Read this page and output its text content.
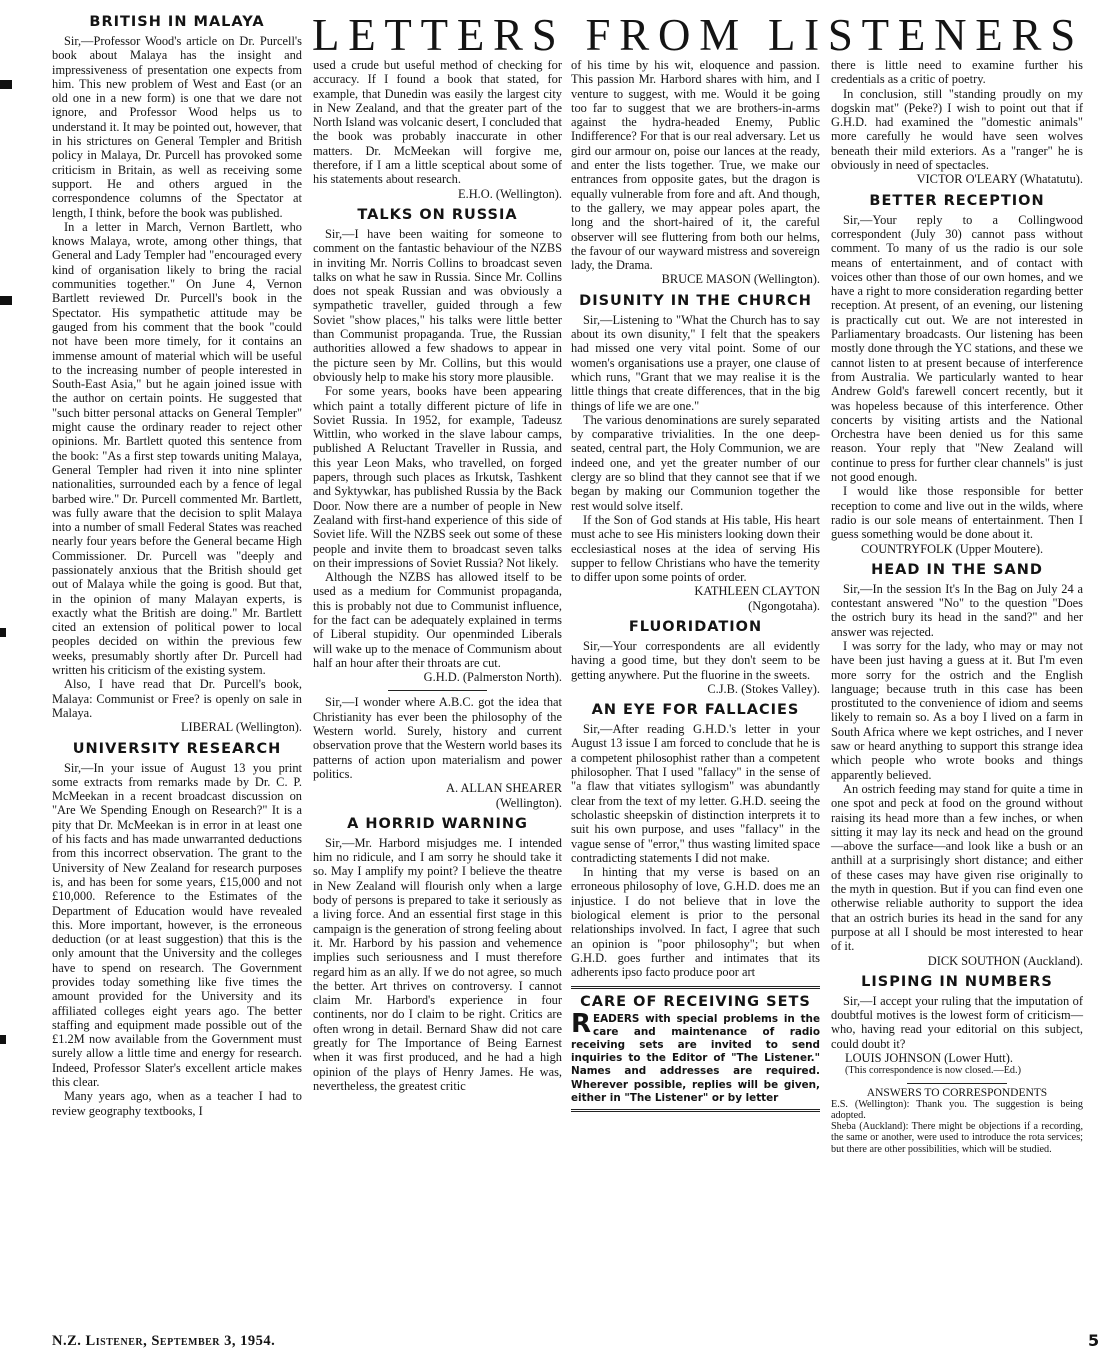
LETTERS FROM LISTENERS
BRITISH IN MALAYA

Sir,—Professor Wood's article on Dr. Purcell's book about Malaya has the insight and impressiveness of presentation one expects from him. This new problem of West and East (or an old one in a new form) is one that we dare not ignore, and Professor Wood helps us to understand it. It may be pointed out, however, that in his strictures on General Templer and British policy in Malaya, Dr. Purcell has provoked some criticism in Britain, as well as receiving some support. He and others argued in the correspondence columns of the Spectator at length, I think, before the book was published.

In a letter in March, Vernon Bartlett, who knows Malaya, wrote, among other things, that General and Lady Templer had "encouraged every kind of organisation likely to bring the racial communities together." On June 4, Vernon Bartlett reviewed Dr. Purcell's book in the Spectator. His sympathetic attitude may be gauged from his comment that the book "could not have been more timely, for it contains an immense amount of material which will be useful to the increasing number of people interested in South-East Asia," but he again joined issue with the author on certain points. He suggested that "such bitter personal attacks on General Templer" might cause the ordinary reader to reject other opinions. Mr. Bartlett quoted this sentence from the book: "As a first step towards uniting Malaya, General Templer had riven it into nine splinter nationalities, surrounded each by a fence of legal barbed wire." Dr. Purcell commented Mr. Bartlett, was fully aware that the decision to split Malaya into a number of small Federal States was reached nearly four years before the General became High Commissioner. Dr. Purcell was "deeply and passionately anxious that the British should get out of Malaya while the going is good. But that, in the opinion of many Malayan experts, is exactly what the British are doing." Mr. Bartlett cited an extension of political power to local peoples decided on within the previous few weeks, presumably shortly after Dr. Purcell had written his criticism of the existing system.

Also, I have read that Dr. Purcell's book, Malaya: Communist or Free? is openly on sale in Malaya.

LIBERAL (Wellington).

UNIVERSITY RESEARCH

Sir,—In your issue of August 13 you print some extracts from remarks made by Dr. C. P. McMeekan in a recent broadcast discussion on "Are We Spending Enough on Research?" It is a pity that Dr. McMeekan is in error in at least one of his facts and has made unwarranted deductions from this incorrect observation. The grant to the University of New Zealand for research purposes is, and has been for some years, £15,000 and not £10,000. Reference to the Estimates of the Department of Education would have revealed this. More important, however, is the erroneous deduction (or at least suggestion) that this is the only amount that the University and the colleges have to spend on research. The Government provides today something like five times the amount provided for the University and its affiliated colleges eight years ago. The better staffing and equipment made possible out of the £1.2M now available from the Government must surely allow a little time and energy for research. Indeed, Professor Slater's excellent article makes this clear.

Many years ago, when as a teacher I had to review geography textbooks, I

used a crude but useful method of checking for accuracy. If I found a book that stated, for example, that Dunedin was easily the largest city in New Zealand, and that the greater part of the North Island was volcanic desert, I concluded that the book was probably inaccurate in other matters. Dr. McMeekan will forgive me, therefore, if I am a little sceptical about some of his statements about research.

E.H.O. (Wellington).

TALKS ON RUSSIA

Sir,—I have been waiting for someone to comment on the fantastic behaviour of the NZBS in inviting Mr. Norris Collins to broadcast seven talks on what he saw in Russia. Since Mr. Collins does not speak Russian and was obviously a sympathetic traveller, guided through a few Soviet "show places," his talks were little better than Communist propaganda. True, the Russian authorities allowed a few shadows to appear in the picture seen by Mr. Collins, but this would obviously help to make his story more plausible.

For some years, books have been appearing which paint a totally different picture of life in Soviet Russia. In 1952, for example, Tadeusz Wittlin, who worked in the slave labour camps, published A Reluctant Traveller in Russia, and this year Leon Maks, who travelled, on forged papers, through such places as Irkutsk, Tashkent and Syktywkar, has published Russia by the Back Door. Now there are a number of people in New Zealand with first-hand experience of this side of Soviet life. Will the NZBS seek out some of these people and invite them to broadcast seven talks on their impressions of Soviet Russia? Not likely.

Although the NZBS has allowed itself to be used as a medium for Communist propaganda, this is probably not due to Communist influence, for the fact can be adequately explained in terms of Liberal stupidity. Our openminded Liberals will wake up to the menace of Communism about half an hour after their throats are cut.

G.H.D. (Palmerston North).

Sir,—I wonder where A.B.C. got the idea that Christianity has ever been the philosophy of the Western world. Surely, history and current observation prove that the Western world bases its patterns of action upon materialism and power politics.

A. ALLAN SHEARER

(Wellington).

A HORRID WARNING

Sir,—Mr. Harbord misjudges me. I intended him no ridicule, and I am sorry he should take it so. May I amplify my point? I believe the theatre in New Zealand will flourish only when a large body of persons is prepared to take it seriously as a living force. And an essential first stage in this campaign is the generation of strong feeling about it. Mr. Harbord by his passion and vehemence implies such seriousness and I must therefore regard him as an ally. If we do not agree, so much the better. Art thrives on controversy. I cannot claim Mr. Harbord's experience in four continents, nor do I claim to be right. Critics are often wrong in detail. Bernard Shaw did not care greatly for The Importance of Being Earnest when it was first produced, and he had a high opinion of the plays of Henry James. He was, nevertheless, the greatest critic

of his time by his wit, eloquence and passion. This passion Mr. Harbord shares with him, and I venture to suggest, with me. Would it be going too far to suggest that we are brothers-in-arms against the hydra-headed Enemy, Public Indifference? For that is our real adversary. Let us gird our armour on, poise our lances at the ready, and enter the lists together. True, we make our entrances from opposite gates, but the dragon is equally vulnerable from fore and aft. And though, to the gallery, we may appear poles apart, the long and the short-haired of it, the careful observer will see fluttering from both our helms, the favour of our wayward mistress and sovereign lady, the Drama.

BRUCE MASON (Wellington).

DISUNITY IN THE CHURCH

Sir,—Listening to "What the Church has to say about its own disunity," I felt that the speakers had missed one very vital point. Some of our women's organisations use a prayer, one clause of which runs, "Grant that we may realise it is the little things that create differences, that in the big things of life we are one."

The various denominations are surely separated by comparative trivialities. In the one deep-seated, central part, the Holy Communion, we are indeed one, and yet the greater number of our clergy are so blind that they cannot see that if we began by making our Communion together the rest would solve itself.

If the Son of God stands at His table, His heart must ache to see His ministers looking down their ecclesiastical noses at the idea of serving His supper to fellow Christians who have the temerity to differ upon some points of order.

KATHLEEN CLAYTON

(Ngongotaha).

FLUORIDATION

Sir,—Your correspondents are all evidently having a good time, but they don't seem to be getting anywhere. Put the fluorine in the sweets.

C.J.B. (Stokes Valley).

AN EYE FOR FALLACIES

Sir,—After reading G.H.D.'s letter in your August 13 issue I am forced to conclude that he is a competent philosophist rather than a competent philosopher. That I used "fallacy" in the sense of "a flaw that vitiates syllogism" was abundantly clear from the text of my letter. G.H.D. seeing the scholastic sheepskin of distinction interprets it to suit his own purpose, and uses "fallacy" in the vague sense of "error," thus wasting limited space contradicting statements I did not make.

In hinting that my verse is based on an erroneous philosophy of love, G.H.D. does me an injustice. I do not believe that in love the biological element is prior to the personal relationships involved. In fact, I agree that such an opinion is "poor philosophy"; but when G.H.D. goes further and intimates that its adherents ipso facto produce poor art

CARE OF RECEIVING SETS

READERS with special problems in the care and maintenance of radio receiving sets are invited to send inquiries to the Editor of "The Listener." Names and addresses are required. Wherever possible, replies will be given, either in "The Listener" or by letter

there is little need to examine further his credentials as a critic of poetry.

In conclusion, still "standing proudly on my dogskin mat" (Peke?) I wish to point out that if G.H.D. had examined the "domestic animals" more carefully he would have seen wolves beneath their mild exteriors. As a "ranger" he is obviously in need of spectacles.

VICTOR O'LEARY (Whatatutu).

BETTER RECEPTION

Sir,—Your reply to a Collingwood correspondent (July 30) cannot pass without comment. To many of us the radio is our sole means of entertainment, and of contact with voices other than those of our own homes, and we have a right to more consideration regarding better reception. At present, of an evening, our listening is practically cut out. We are not interested in Parliamentary broadcasts. Our listening has been mostly done through the YC stations, and these we cannot listen to at present because of interference from Australia. We particularly wanted to hear Andrew Gold's farewell concert recently, but it was hopeless because of this interference. Other concerts by visiting artists and the National Orchestra have been denied us for this same reason. Your reply that "New Zealand will continue to press for further clear channels" is just not good enough.

I would like those responsible for better reception to come and live out in the wilds, where radio is our sole means of entertainment. Then I guess something would be done about it.

COUNTRYFOLK (Upper Moutere).

HEAD IN THE SAND

Sir,—In the session It's In the Bag on July 24 a contestant answered "No" to the question "Does the ostrich bury its head in the sand?" and her answer was rejected.

I was sorry for the lady, who may or may not have been just having a guess at it. But I'm even more sorry for the ostrich and the English language; because truth in this case has been prostituted to the convenience of idiom and seems likely to remain so. As a boy I lived on a farm in South Africa where we kept ostriches, and I never saw or heard anything to support this strange idea which people who wrote books and things apparently believed.

An ostrich feeding may stand for quite a time in one spot and peck at food on the ground without raising its head more than a few inches, or when sitting it may lay its neck and head on the ground —above the surface—and look like a bush or an anthill at a surprisingly short distance; and either of these cases may have given rise originally to the myth in question. But if you can find even one otherwise reliable authority to support the idea that an ostrich buries its head in the sand for any purpose at all I should be most interested to hear of it.

DICK SOUTHON (Auckland).

LISPING IN NUMBERS

Sir,—I accept your ruling that the imputation of doubtful motives is the lowest form of criticism—who, having read your editorial on this subject, could doubt it?

LOUIS JOHNSON (Lower Hutt).

(This correspondence is now closed.—Ed.)

ANSWERS TO CORRESPONDENTS

E.S. (Wellington): Thank you. The suggestion is being adopted.

Sheba (Auckland): There might be objections if a recording, the same or another, were used to introduce the rota services; but there are other possibilities, which will be studied.

N.Z. Listener, September 3, 1954.	5
